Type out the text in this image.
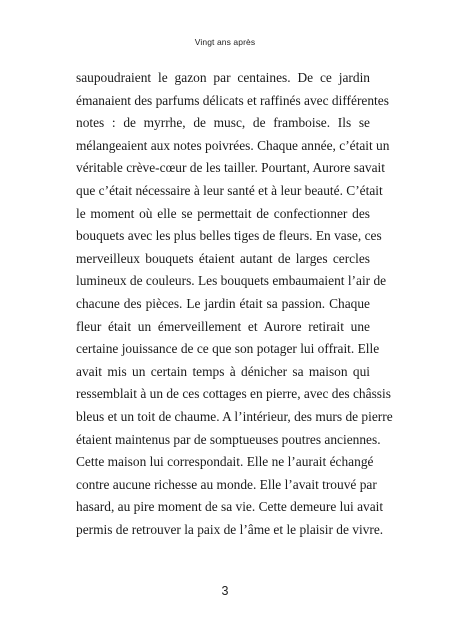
Vingt ans après
saupoudraient le gazon par centaines. De ce jardin
émanaient des parfums délicats et raffinés avec différentes
notes : de myrrhe, de musc, de framboise. Ils se
mélangeaient aux notes poivrées. Chaque année, c’était un
véritable crève-cœur de les tailler. Pourtant, Aurore savait
que c’était nécessaire à leur santé et à leur beauté. C’était
le moment où elle se permettait de confectionner des
bouquets avec les plus belles tiges de fleurs. En vase, ces
merveilleux bouquets étaient autant de larges cercles
lumineux de couleurs. Les bouquets embaumaient l’air de
chacune des pièces. Le jardin était sa passion. Chaque
fleur était un émerveillement et Aurore retirait une
certaine jouissance de ce que son potager lui offrait. Elle
avait mis un certain temps à dénicher sa maison qui
ressemblait à un de ces cottages en pierre, avec des châssis
bleus et un toit de chaume. A l’intérieur, des murs de pierre
étaient maintenus par de somptueuses poutres anciennes.
Cette maison lui correspondait. Elle ne l’aurait échangé
contre aucune richesse au monde. Elle l’avait trouvé par
hasard, au pire moment de sa vie. Cette demeure lui avait
permis de retrouver la paix de l’âme et le plaisir de vivre.
3
